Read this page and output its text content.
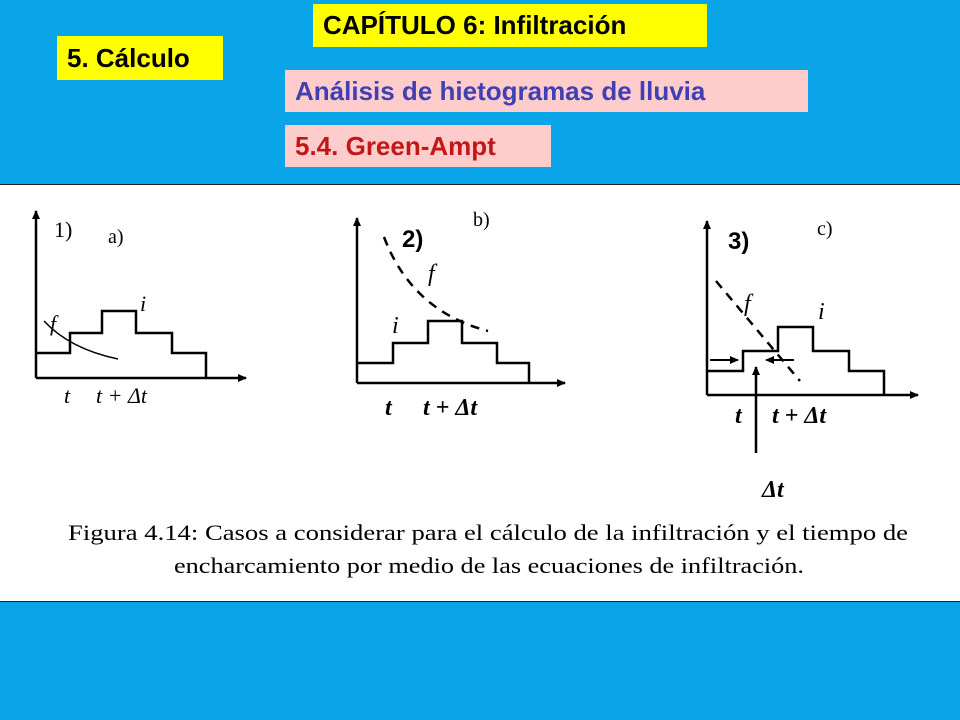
CAPÍTULO 6: Infiltración
5. Cálculo
Análisis de hietogramas de lluvia
5.4. Green-Ampt
1) a)
f
i
t t + Δt
2)
b)
f
i
t t + Δt
3)	c)
f	i
t t + Δt
Δt
Figura 4.14: Casos a considerar para el cálculo de la infiltración y el tiempo de
encharcamiento por medio de las ecuaciones de infiltración.
